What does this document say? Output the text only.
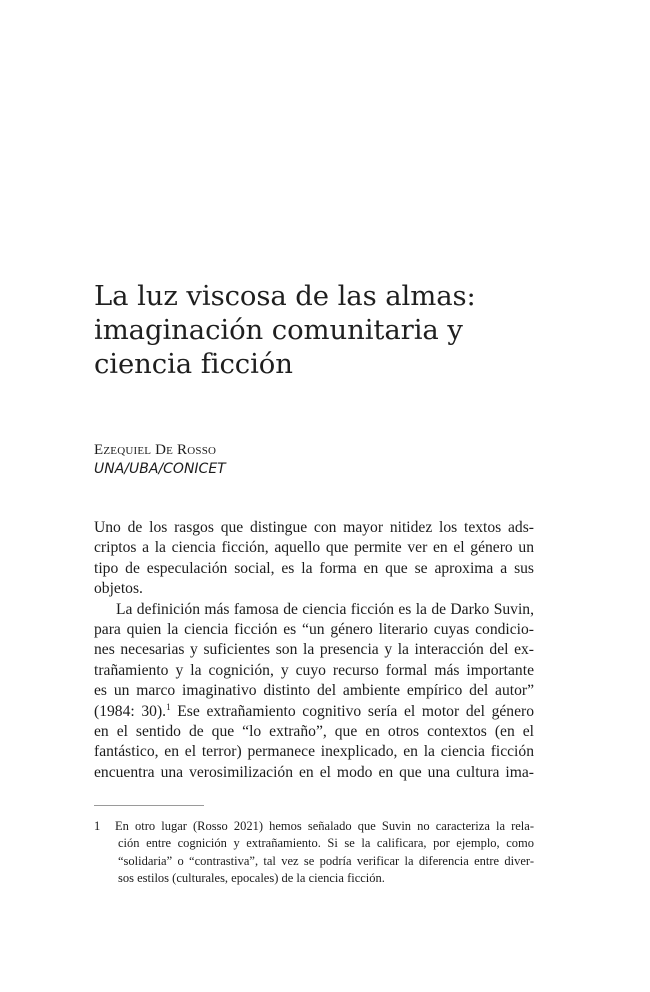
La luz viscosa de las almas:
imaginación comunitaria y
ciencia ficción
Ezequiel De Rosso
UNA/UBA/CONICET
Uno de los rasgos que distingue con mayor nitidez los textos ads-
criptos a la ciencia ficción, aquello que permite ver en el género un
tipo de especulación social, es la forma en que se aproxima a sus
objetos.
La definición más famosa de ciencia ficción es la de Darko Suvin,
para quien la ciencia ficción es “un género literario cuyas condicio-
nes necesarias y suficientes son la presencia y la interacción del ex-
trañamiento y la cognición, y cuyo recurso formal más importante
es un marco imaginativo distinto del ambiente empírico del autor”
(1984: 30).$^1$ Ese extrañamiento cognitivo sería el motor del género
en el sentido de que “lo extraño”, que en otros contextos (en el
fantástico, en el terror) permanece inexplicado, en la ciencia ficción
encuentra una verosimilización en el modo en que una cultura ima-
1 En otro lugar (Rosso 2021) hemos señalado que Suvin no caracteriza la rela-
ción entre cognición y extrañamiento. Si se la calificara, por ejemplo, como
“solidaria” o “contrastiva”, tal vez se podría verificar la diferencia entre diver-
sos estilos (culturales, epocales) de la ciencia ficción.
